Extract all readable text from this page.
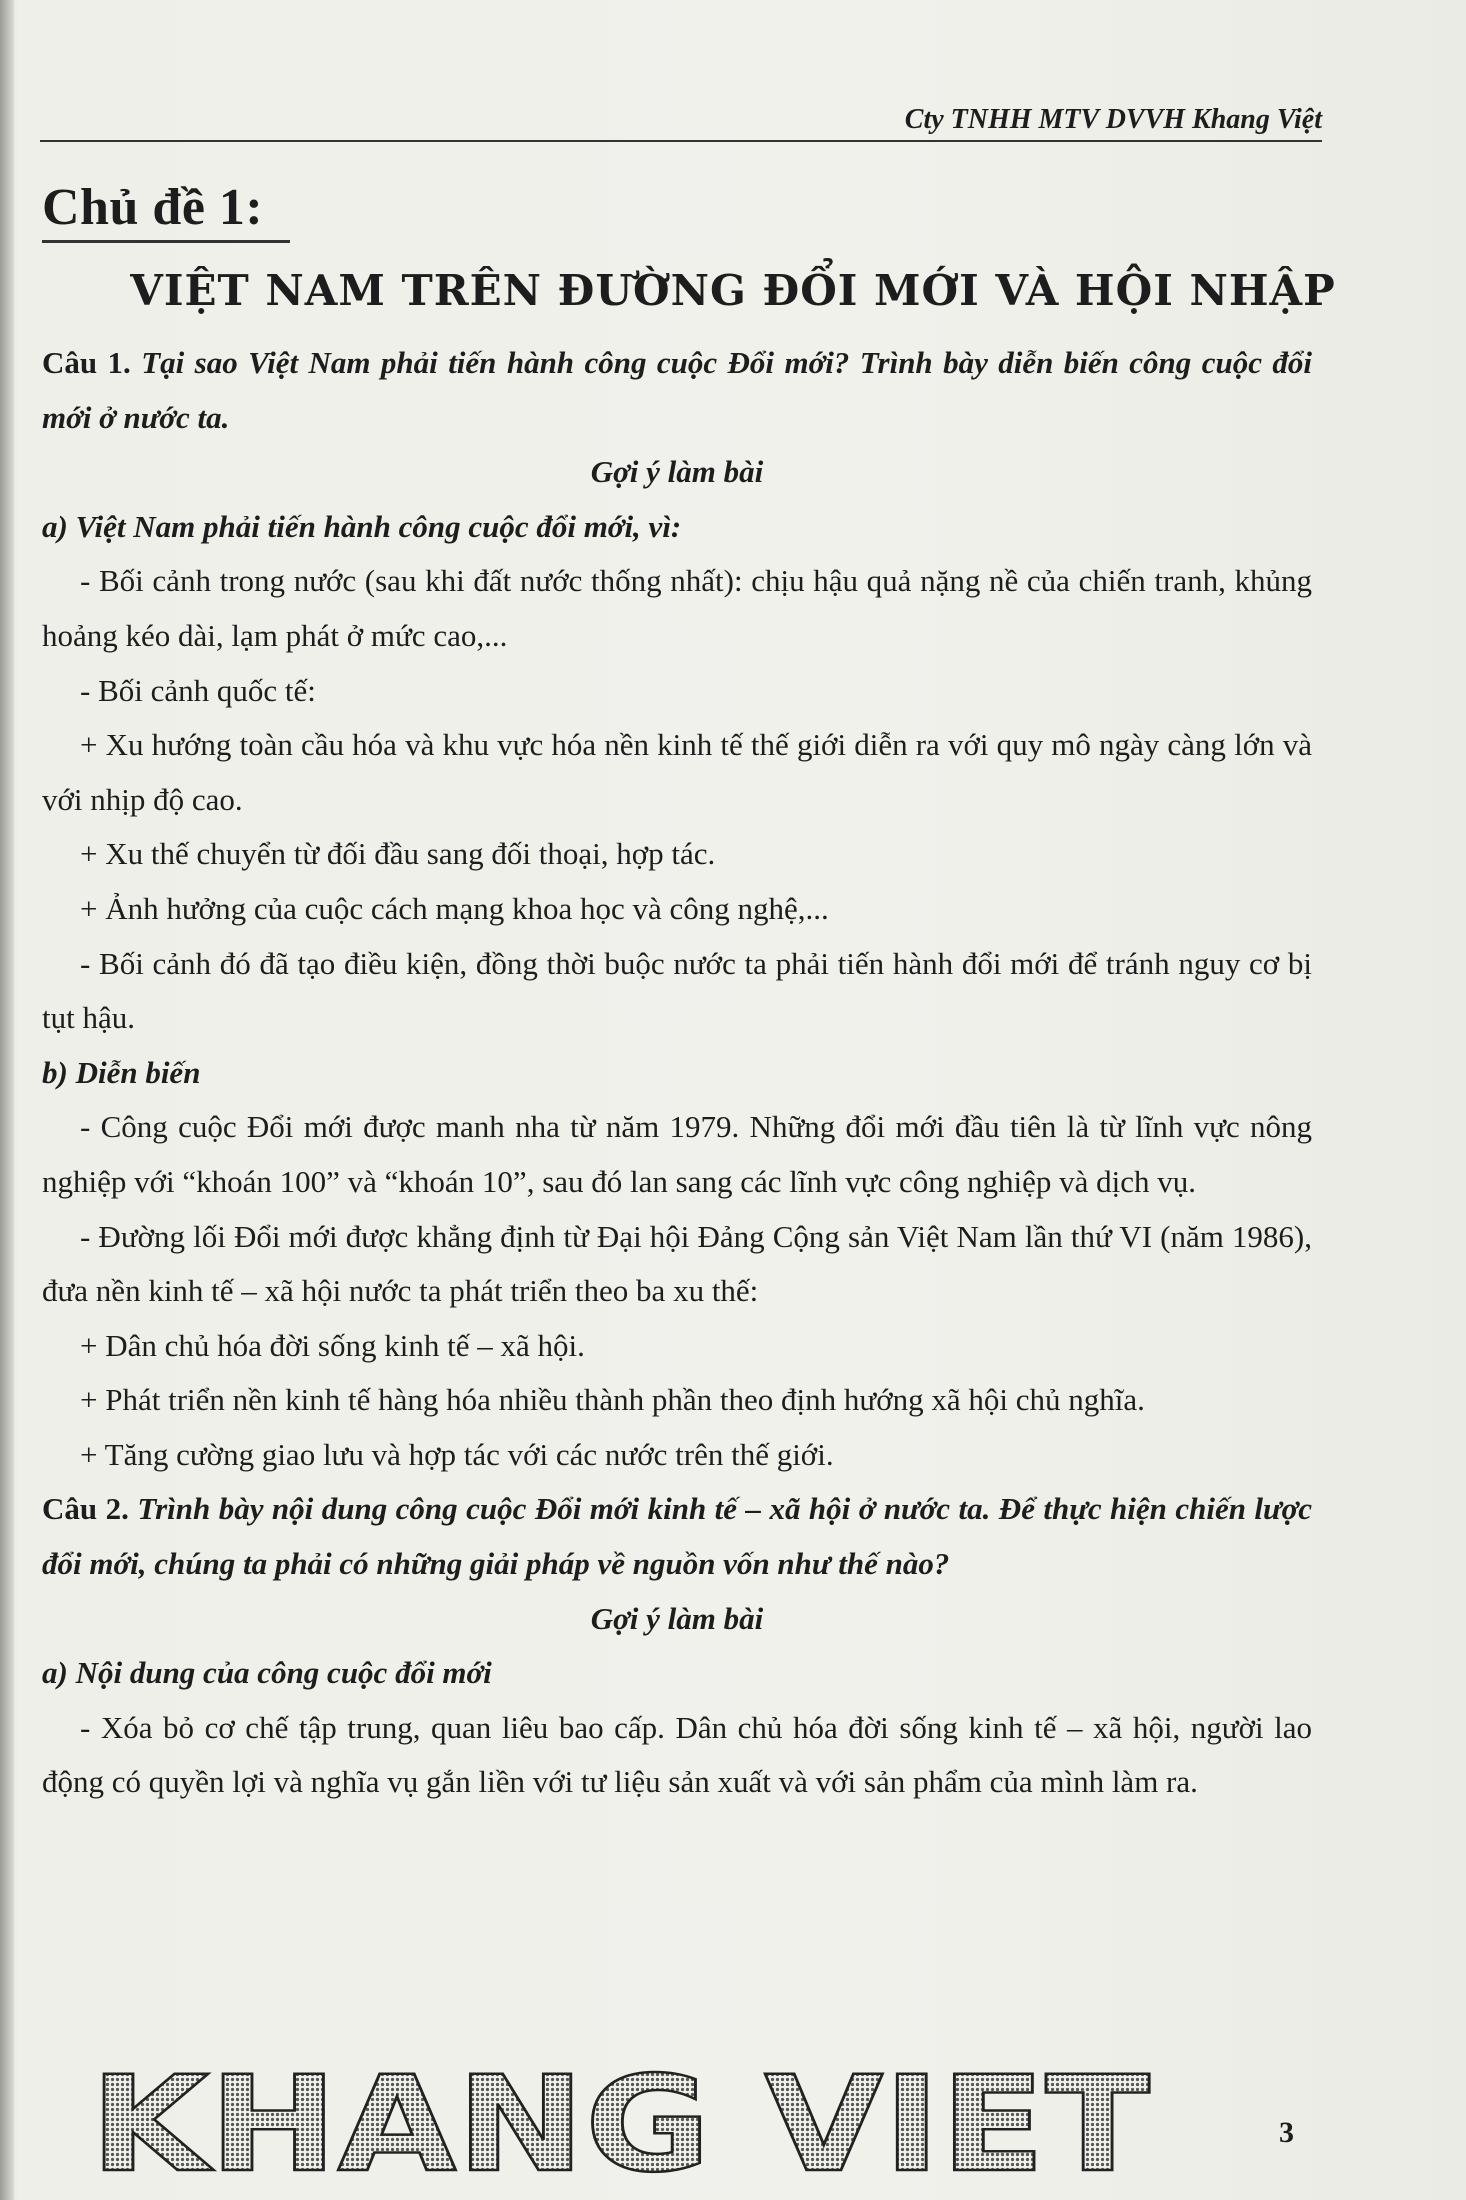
Cty TNHH MTV DVVH Khang Việt
Chủ đề 1:
VIỆT NAM TRÊN ĐƯỜNG ĐỔI MỚI VÀ HỘI NHẬP

Câu 1. Tại sao Việt Nam phải tiến hành công cuộc Đổi mới? Trình bày diễn biến công cuộc đổi mới ở nước ta.

Gợi ý làm bài

a) Việt Nam phải tiến hành công cuộc đổi mới, vì:

- Bối cảnh trong nước (sau khi đất nước thống nhất): chịu hậu quả nặng nề của chiến tranh, khủng hoảng kéo dài, lạm phát ở mức cao,...

- Bối cảnh quốc tế:

+ Xu hướng toàn cầu hóa và khu vực hóa nền kinh tế thế giới diễn ra với quy mô ngày càng lớn và với nhịp độ cao.

+ Xu thế chuyển từ đối đầu sang đối thoại, hợp tác.

+ Ảnh hưởng của cuộc cách mạng khoa học và công nghệ,...

- Bối cảnh đó đã tạo điều kiện, đồng thời buộc nước ta phải tiến hành đổi mới để tránh nguy cơ bị tụt hậu.

b) Diễn biến

- Công cuộc Đổi mới được manh nha từ năm 1979. Những đổi mới đầu tiên là từ lĩnh vực nông nghiệp với “khoán 100” và “khoán 10”, sau đó lan sang các lĩnh vực công nghiệp và dịch vụ.

- Đường lối Đổi mới được khẳng định từ Đại hội Đảng Cộng sản Việt Nam lần thứ VI (năm 1986), đưa nền kinh tế – xã hội nước ta phát triển theo ba xu thế:

+ Dân chủ hóa đời sống kinh tế – xã hội.

+ Phát triển nền kinh tế hàng hóa nhiều thành phần theo định hướng xã hội chủ nghĩa.

+ Tăng cường giao lưu và hợp tác với các nước trên thế giới.

Câu 2. Trình bày nội dung công cuộc Đổi mới kinh tế – xã hội ở nước ta. Để thực hiện chiến lược đổi mới, chúng ta phải có những giải pháp về nguồn vốn như thế nào?

Gợi ý làm bài

a) Nội dung của công cuộc đổi mới

- Xóa bỏ cơ chế tập trung, quan liêu bao cấp. Dân chủ hóa đời sống kinh tế – xã hội, người lao động có quyền lợi và nghĩa vụ gắn liền với tư liệu sản xuất và với sản phẩm của mình làm ra.

KHANG VIET	3
